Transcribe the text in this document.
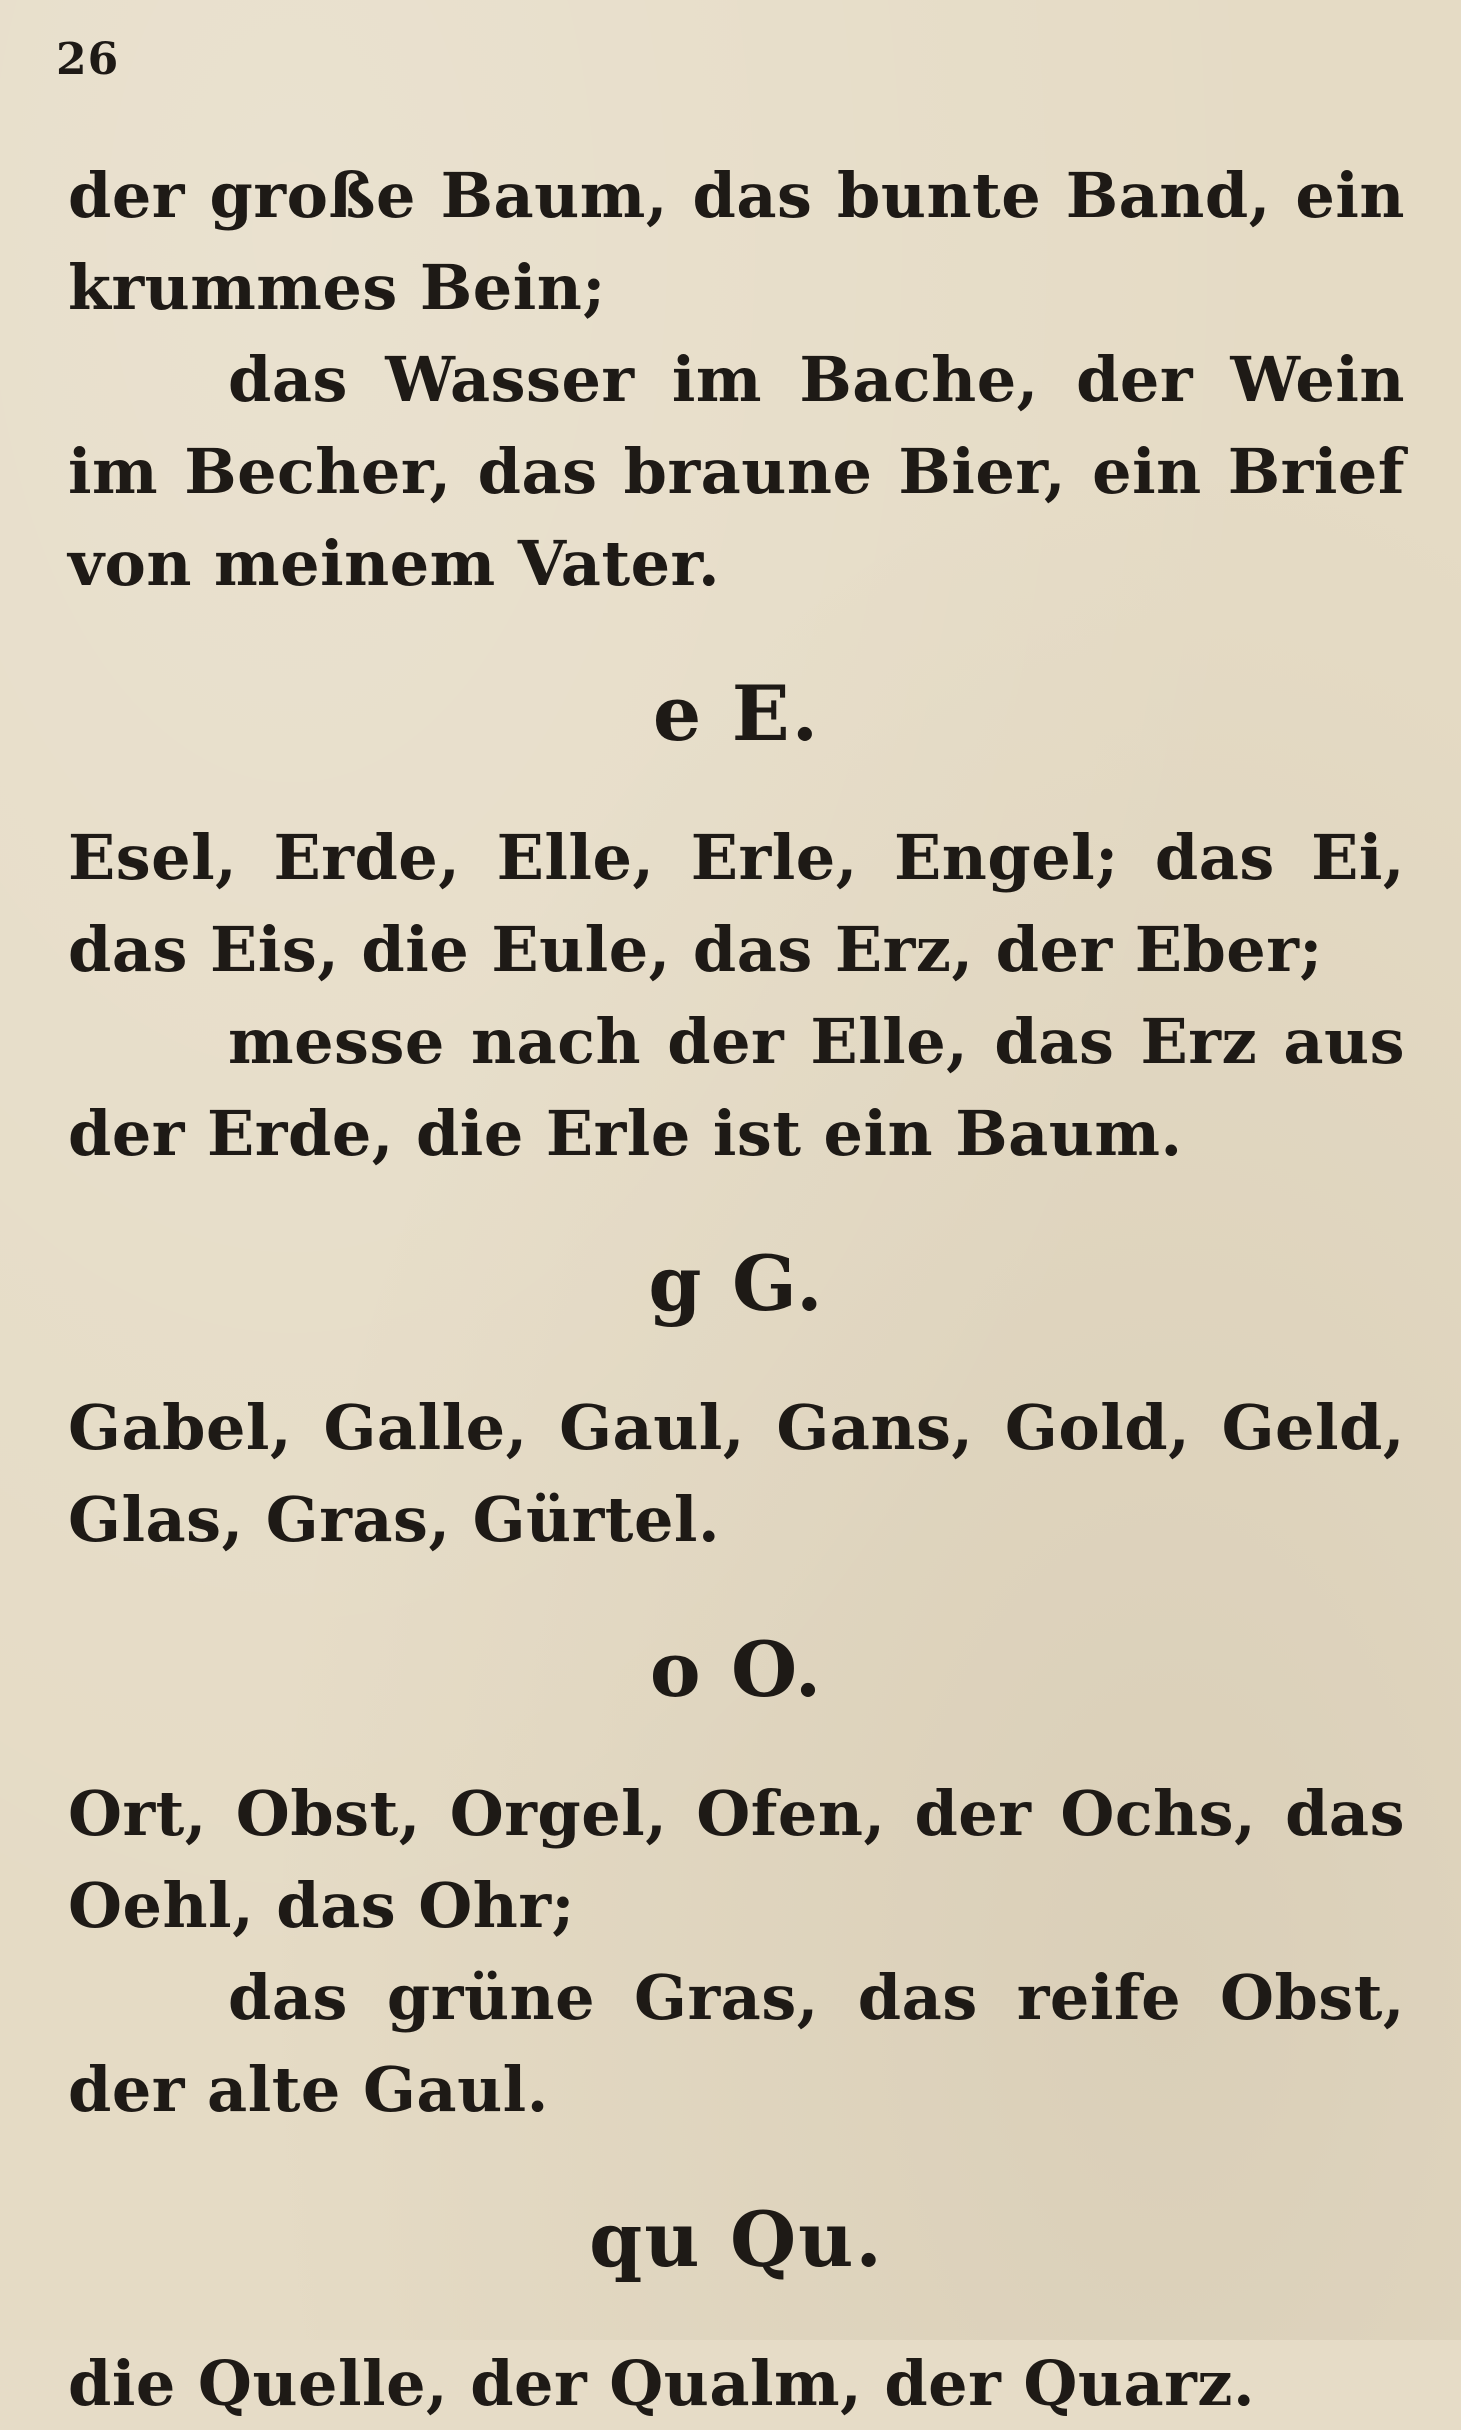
26

der große Baum, das bunte Band, ein krummes Bein;

das Wasser im Bache, der Wein im Becher, das braune Bier, ein Brief von meinem Vater.

e E.

Esel, Erde, Elle, Erle, Engel; das Ei, das Eis, die Eule, das Erz, der Eber;

messe nach der Elle, das Erz aus der Erde, die Erle ist ein Baum.

g G.

Gabel, Galle, Gaul, Gans, Gold, Geld, Glas, Gras, Gürtel.

o O.

Ort, Obst, Orgel, Ofen, der Ochs, das Oehl, das Ohr;

das grüne Gras, das reife Obst, der alte Gaul.

qu Qu.

die Quelle, der Qualm, der Quarz.
